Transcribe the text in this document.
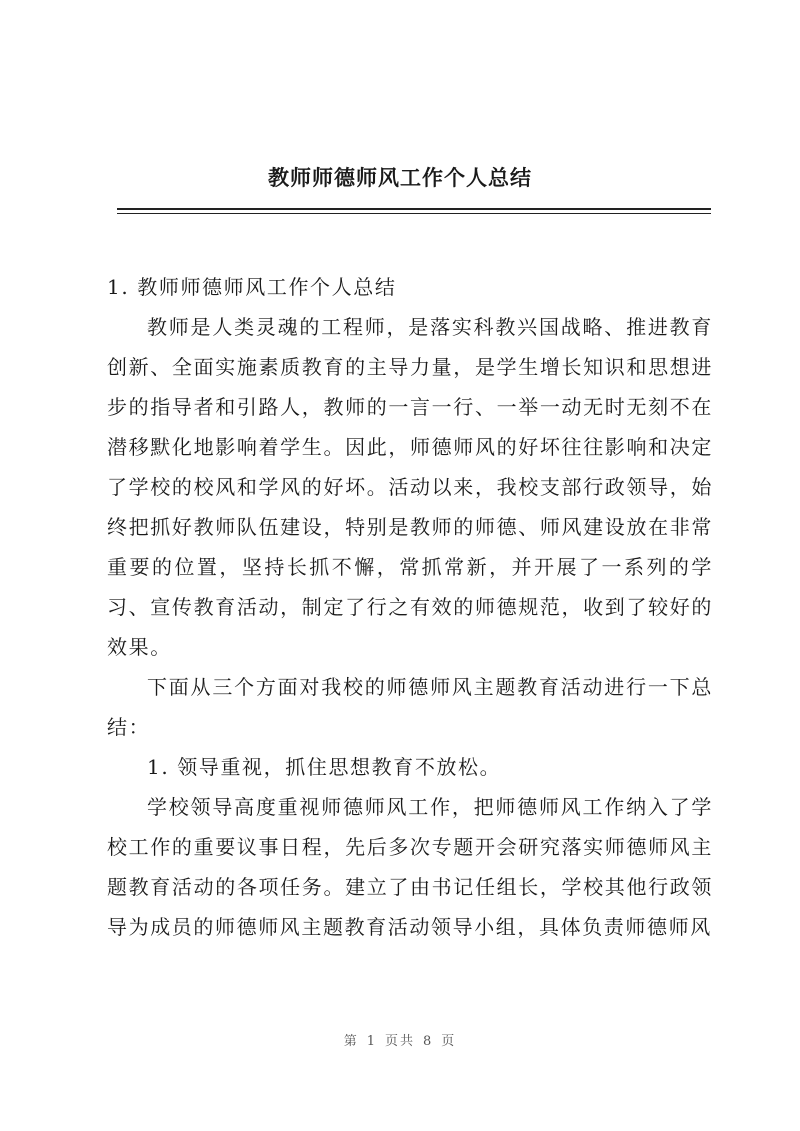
教师师德师风工作个人总结

1. 教师师德师风工作个人总结

教师是人类灵魂的工程师，是落实科教兴国战略、推进教育创新、全面实施素质教育的主导力量，是学生增长知识和思想进步的指导者和引路人，教师的一言一行、一举一动无时无刻不在潜移默化地影响着学生。因此，师德师风的好坏往往影响和决定了学校的校风和学风的好坏。活动以来，我校支部行政领导，始终把抓好教师队伍建设，特别是教师的师德、师风建设放在非常重要的位置，坚持长抓不懈，常抓常新，并开展了一系列的学习、宣传教育活动，制定了行之有效的师德规范，收到了较好的效果。

下面从三个方面对我校的师德师风主题教育活动进行一下总结：

1. 领导重视，抓住思想教育不放松。

学校领导高度重视师德师风工作，把师德师风工作纳入了学校工作的重要议事日程，先后多次专题开会研究落实师德师风主题教育活动的各项任务。建立了由书记任组长，学校其他行政领导为成员的师德师风主题教育活动领导小组，具体负责师德师风

第 1 页共 8 页
